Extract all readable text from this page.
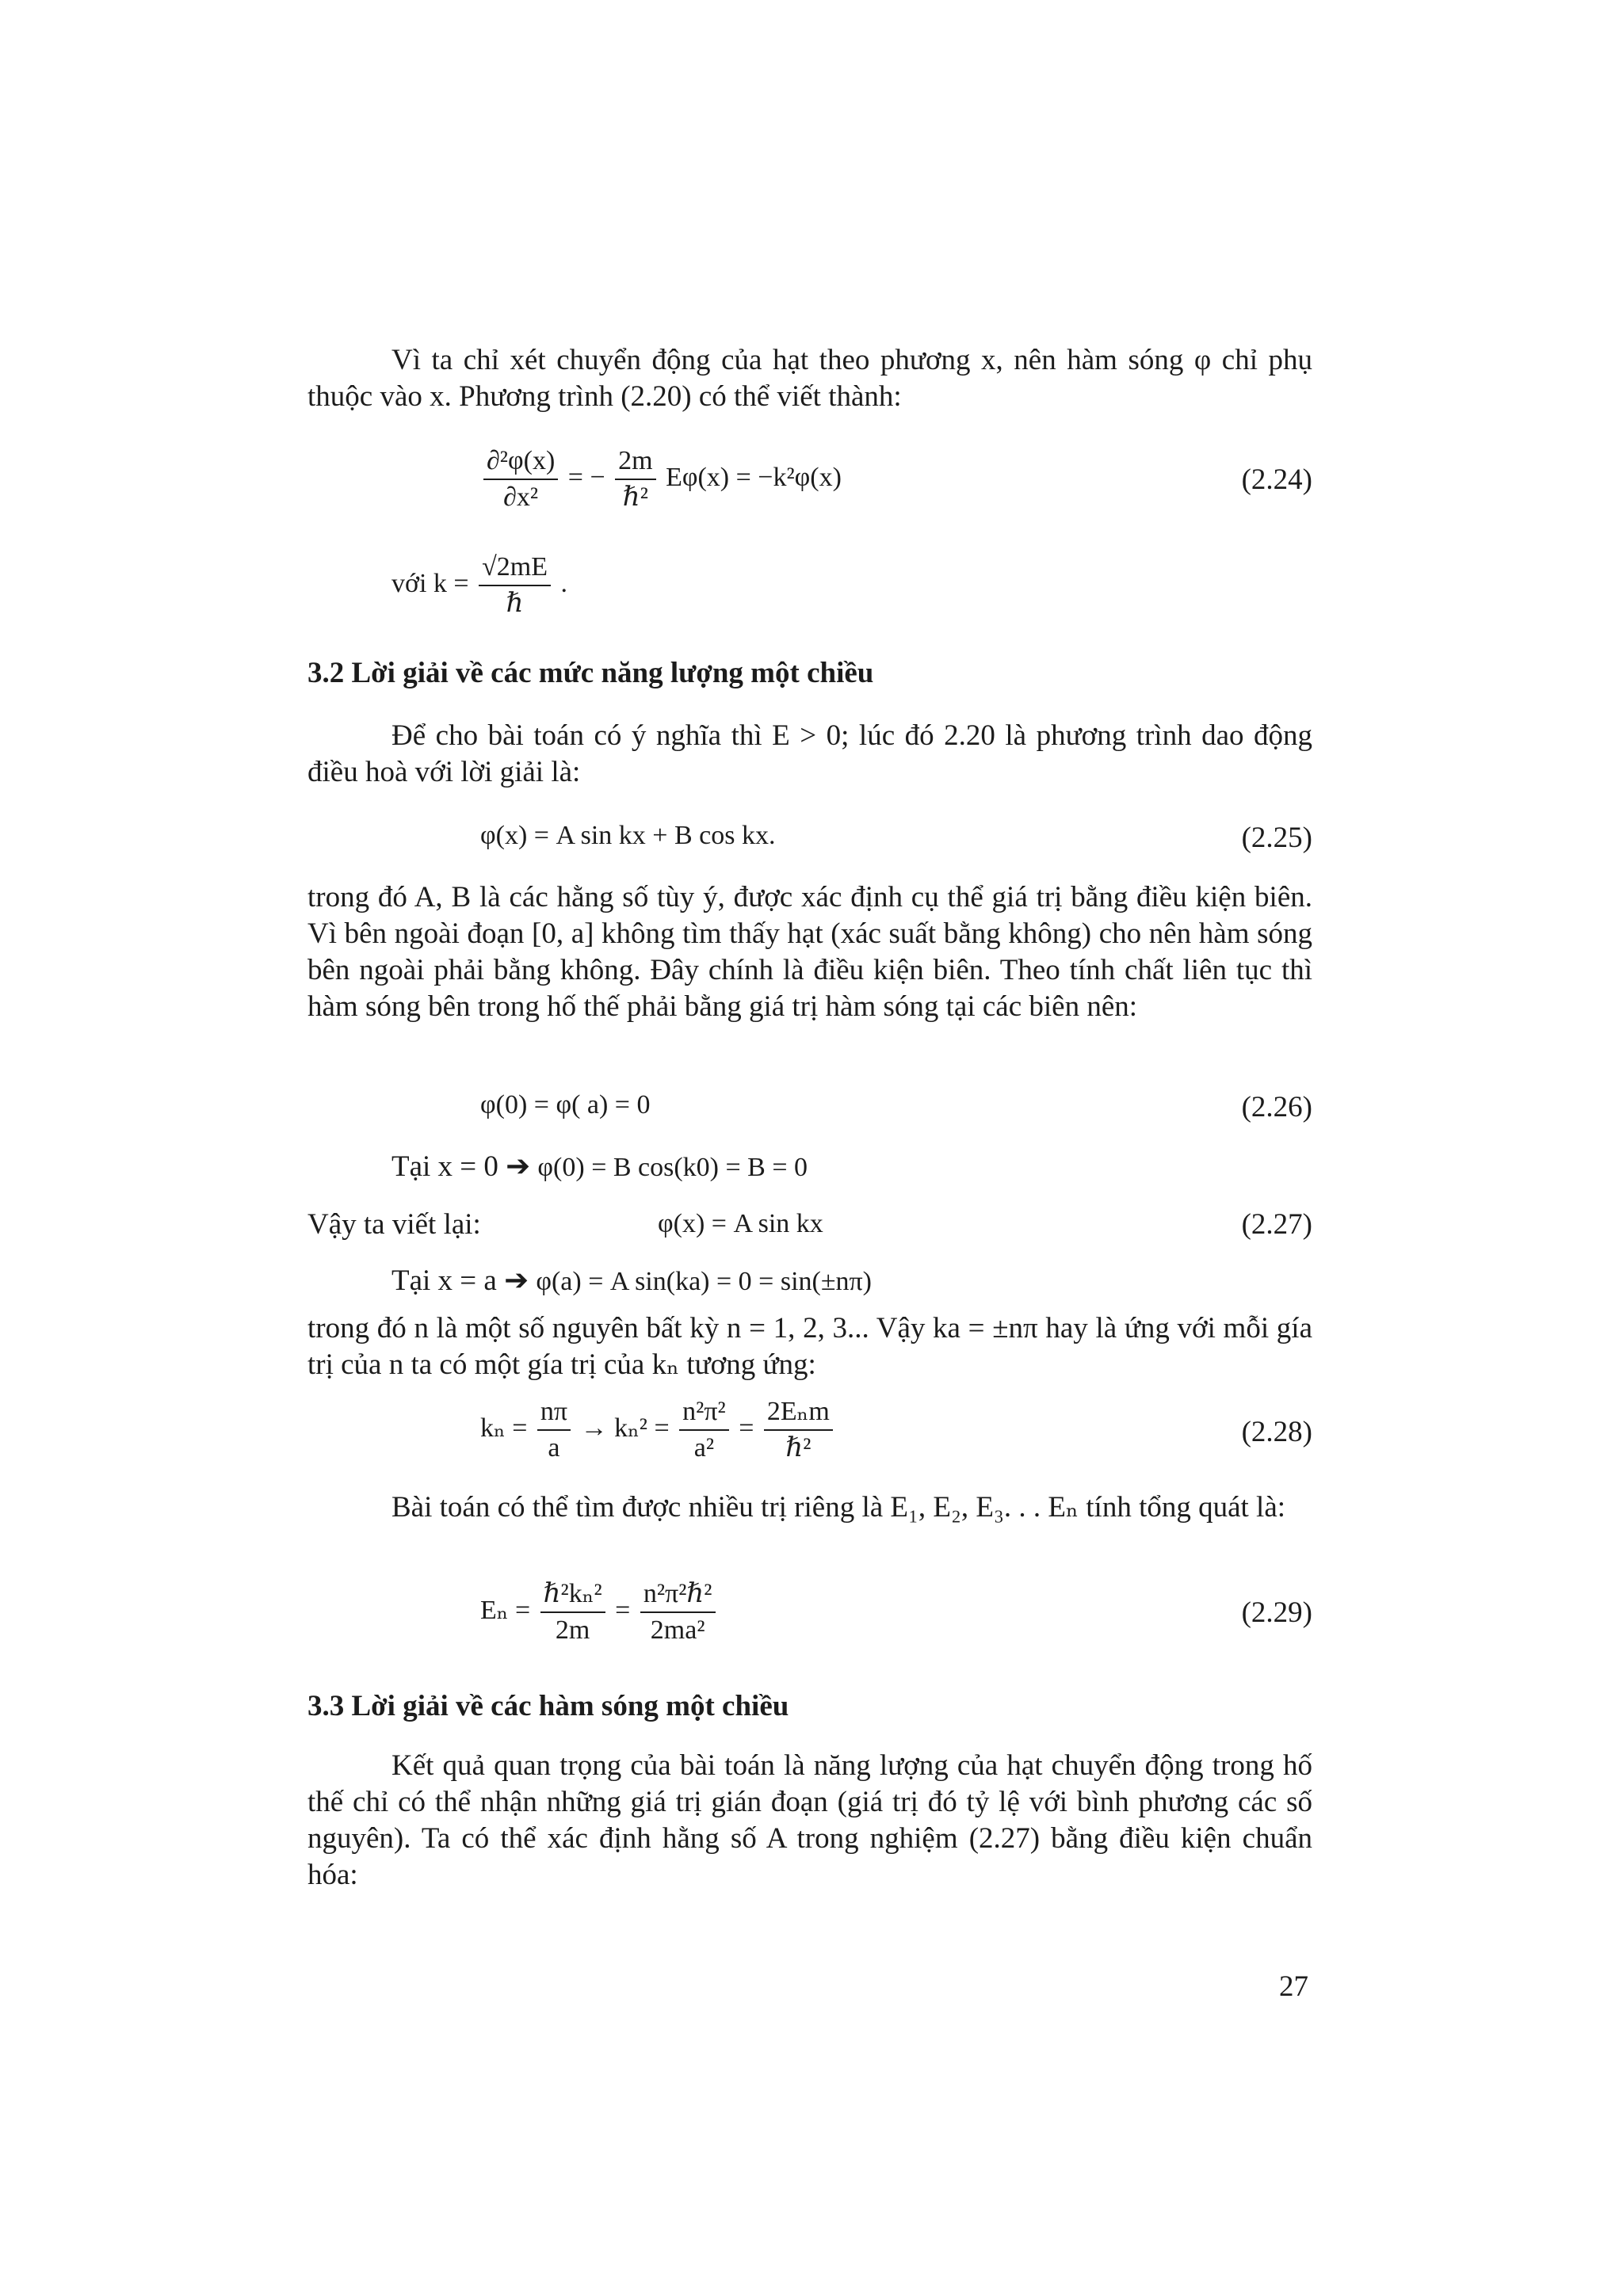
Vì ta chỉ xét chuyển động của hạt theo phương x, nên hàm sóng φ chỉ phụ thuộc vào x. Phương trình (2.20) có thể viết thành:
$\frac{\text{∂²φ(x)}}{\text{∂x²}}$ = − $\frac{2m}{\text{ℏ²}} E\varphi(x) = -k^2\varphi(x)$	(2.24)
với $k = \frac{√2mE}{\text{ℏ}}$ .
3.2 Lời giải về các mức năng lượng một chiều
Để cho bài toán có ý nghĩa thì E > 0; lúc đó 2.20 là phương trình dao động điều hoà với lời giải là:
φ(x) = A sin kx + B cos kx.	(2.25)
trong đó A, B là các hằng số tùy ý, được xác định cụ thể giá trị bằng điều kiện biên. Vì bên ngoài đoạn [0, a] không tìm thấy hạt (xác suất bằng không) cho nên hàm sóng bên ngoài phải bằng không. Đây chính là điều kiện biên. Theo tính chất liên tục thì hàm sóng bên trong hố thế phải bằng giá trị hàm sóng tại các biên nên:
φ(0) = φ( a) = 0	(2.26)
Tại x = 0 ➔ φ(0) = B cos(k0) = B = 0
Vậy ta viết lại:	φ(x) = A sin kx	(2.27)
Tại x = a ➔ φ(a) = A sin(ka) = 0 = sin(±nπ)
trong đó n là một số nguyên bất kỳ n = 1, 2, 3... Vậy ka = ±nπ hay là ứng với mỗi gía trị của n ta có một gía trị của kₙ tương ứng:
$k_n = \frac{n\pi}{a} \to k_n^2 = \frac{\text{n²π²}}{\text{a²}} = \frac{\text{2Eₙm}}{\text{ℏ²}}$	(2.28)
Bài toán có thể tìm được nhiều trị riêng là E₁, E₂, E₃. . . Eₙ tính tổng quát là:
$E_n = \frac{\text{ℏ²kₙ²}}{2m} = \frac{\text{n²π²ℏ²}}{\text{2ma²}}$	(2.29)
3.3 Lời giải về các hàm sóng một chiều
Kết quả quan trọng của bài toán là năng lượng của hạt chuyển động trong hố thế chỉ có thể nhận những giá trị gián đoạn (giá trị đó tỷ lệ với bình phương các số nguyên). Ta có thể xác định hằng số A trong nghiệm (2.27) bằng điều kiện chuẩn hóa:
27
